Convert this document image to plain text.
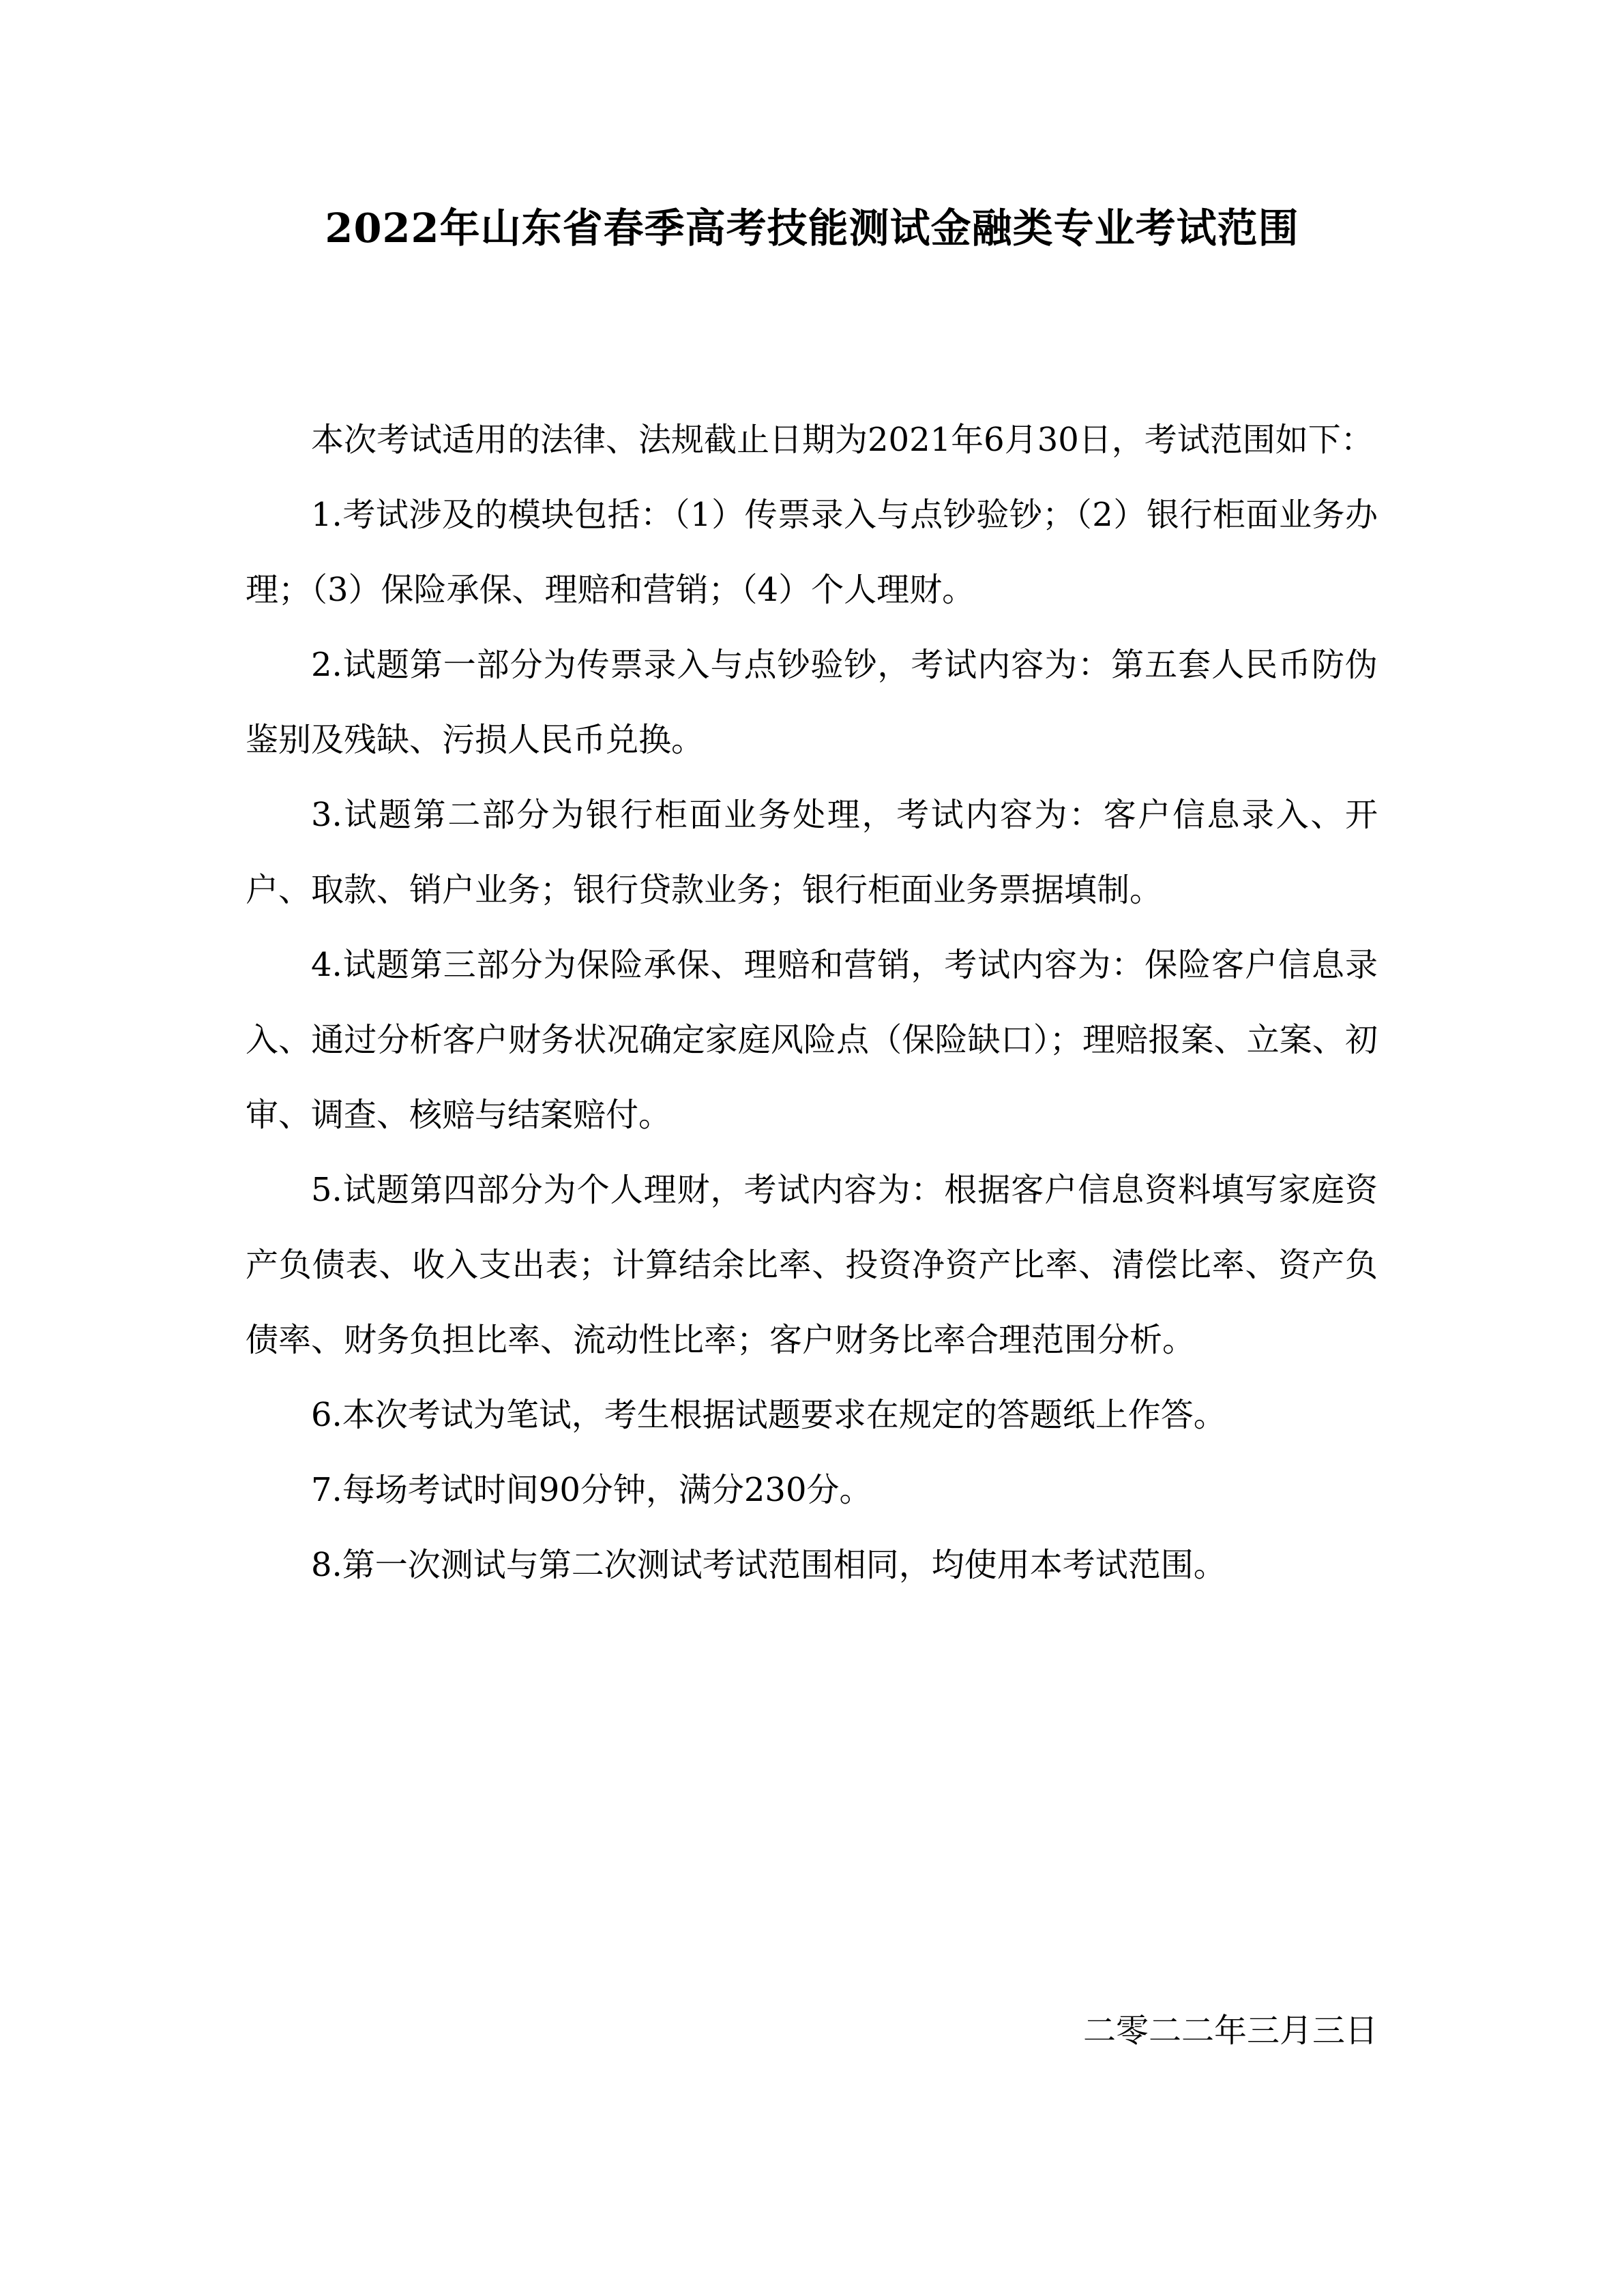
2022年山东省春季高考技能测试金融类专业考试范围

本次考试适用的法律、法规截止日期为2021年6月30日，考试范围如下：

1.考试涉及的模块包括：（1）传票录入与点钞验钞；（2）银行柜面业务办理；（3）保险承保、理赔和营销；（4）个人理财。

2.试题第一部分为传票录入与点钞验钞，考试内容为：第五套人民币防伪鉴别及残缺、污损人民币兑换。

3.试题第二部分为银行柜面业务处理，考试内容为：客户信息录入、开户、取款、销户业务；银行贷款业务；银行柜面业务票据填制。

4.试题第三部分为保险承保、理赔和营销，考试内容为：保险客户信息录入、通过分析客户财务状况确定家庭风险点（保险缺口）；理赔报案、立案、初审、调查、核赔与结案赔付。

5.试题第四部分为个人理财，考试内容为：根据客户信息资料填写家庭资产负债表、收入支出表；计算结余比率、投资净资产比率、清偿比率、资产负债率、财务负担比率、流动性比率；客户财务比率合理范围分析。

6.本次考试为笔试，考生根据试题要求在规定的答题纸上作答。

7.每场考试时间90分钟，满分230分。

8.第一次测试与第二次测试考试范围相同，均使用本考试范围。

二零二二年三月三日
